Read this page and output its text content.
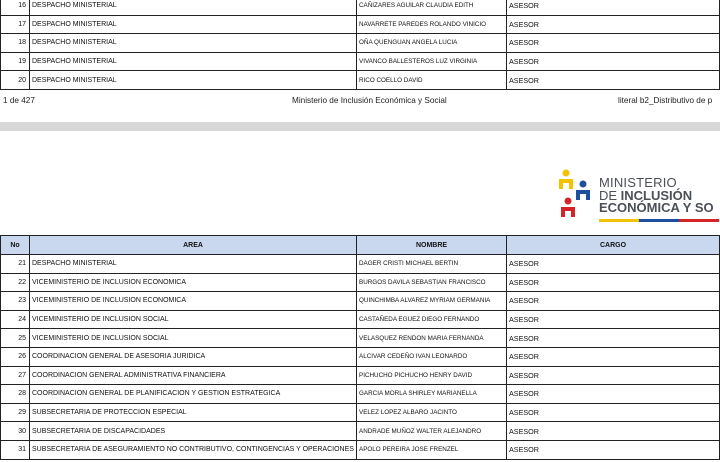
16	DESPACHO MINISTERIAL	CAÑIZARES AGUILAR CLAUDIA EDITH	ASESOR
17	DESPACHO MINISTERIAL	NAVARRETE PAREDES ROLANDO VINICIO	ASESOR
18	DESPACHO MINISTERIAL	OÑA QUENGUAN ANGELA LUCIA	ASESOR
19	DESPACHO MINISTERIAL	VIVANCO BALLESTEROS LUZ VIRGINIA	ASESOR
20	DESPACHO MINISTERIAL	RICO COELLO DAVID	ASESOR
1 de 427	Ministerio de Inclusión Económica y Social	literal b2_Distributivo de p
MINISTERIO
DE INCLUSIÓN
ECONÓMICA Y SO
No	AREA	NOMBRE	CARGO
21	DESPACHO MINISTERIAL	DAGER CRISTI MICHAEL BERTIN	ASESOR
22	VICEMINISTERIO DE INCLUSION ECONOMICA	BURGOS DAVILA SEBASTIAN FRANCISCO	ASESOR
23	VICEMINISTERIO DE INCLUSION ECONOMICA	QUINCHIMBA ALVAREZ MYRIAM GERMANIA	ASESOR
24	VICEMINISTERIO DE INCLUSION SOCIAL	CASTAÑEDA EGUEZ DIEGO FERNANDO	ASESOR
25	VICEMINISTERIO DE INCLUSION SOCIAL	VELASQUEZ RENDON MARIA FERNANDA	ASESOR
26	COORDINACION GENERAL DE ASESORIA JURIDICA	ALCIVAR CEDEÑO IVAN LEONARDO	ASESOR
27	COORDINACION GENERAL ADMINISTRATIVA FINANCIERA	PICHUCHO PICHUCHO HENRY DAVID	ASESOR
28	COORDINACION GENERAL DE PLANIFICACION Y GESTION ESTRATEGICA	GARCIA MORLA SHIRLEY MARIANELLA	ASESOR
29	SUBSECRETARIA DE PROTECCION ESPECIAL	VELEZ LOPEZ ALBARO JACINTO	ASESOR
30	SUBSECRETARIA DE DISCAPACIDADES	ANDRADE MUÑOZ WALTER ALEJANDRO	ASESOR
31	SUBSECRETARIA DE ASEGURAMIENTO NO CONTRIBUTIVO, CONTINGENCIAS Y OPERACIONES	APOLO PEREIRA JOSE FRENZEL	ASESOR
